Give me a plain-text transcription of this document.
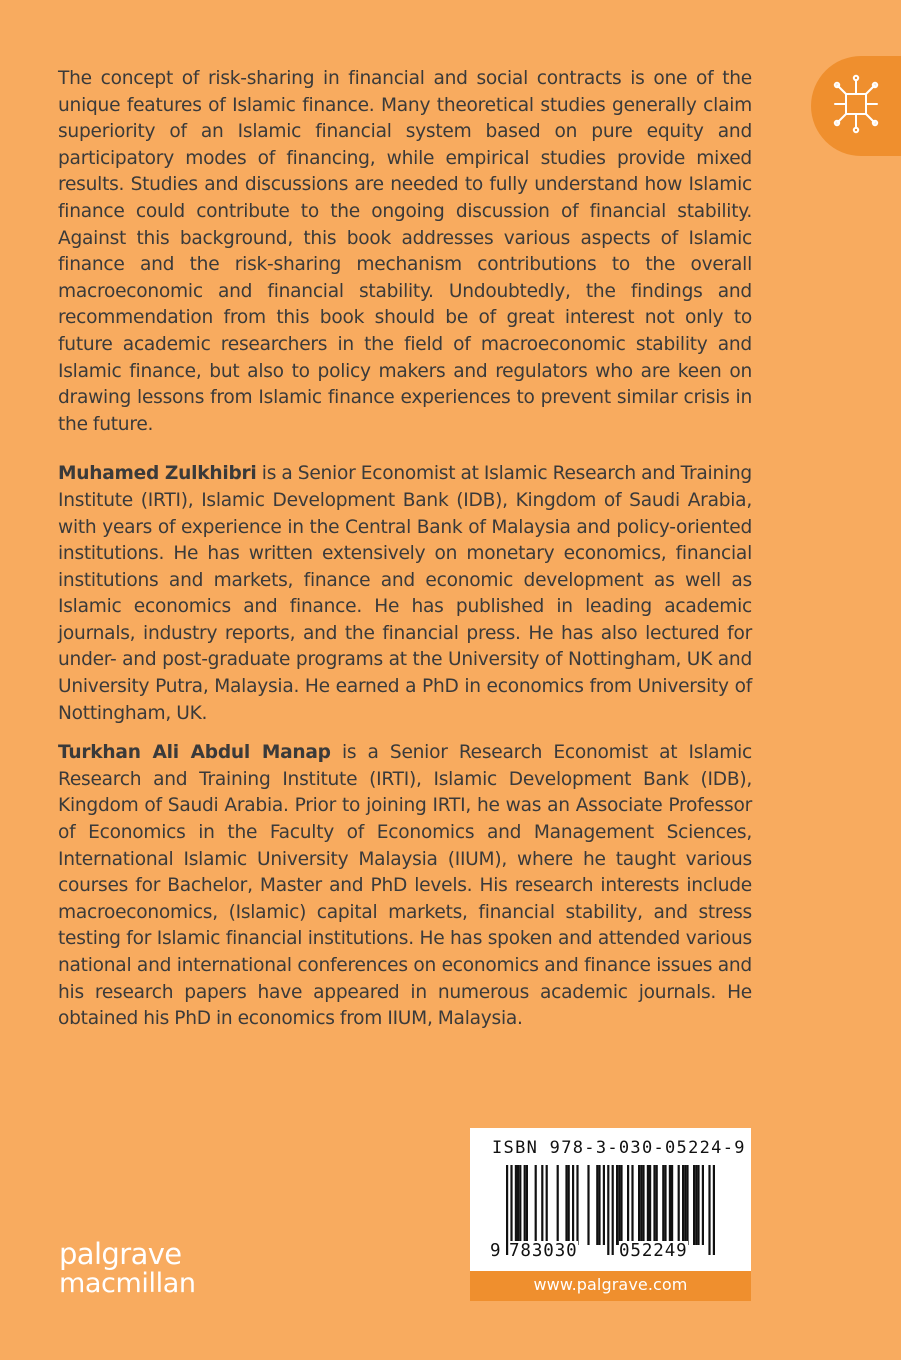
The concept of risk-sharing in financial and social contracts is one of the unique features of Islamic finance. Many theoretical studies generally claim superiority of an Islamic financial system based on pure equity and participatory modes of financing, while empirical studies provide mixed results. Studies and discussions are needed to fully understand how Islamic finance could contribute to the ongoing discussion of financial stability. Against this background, this book addresses various aspects of Islamic finance and the risk-sharing mechanism contributions to the overall macroeconomic and financial stability. Undoubtedly, the findings and recommendation from this book should be of great interest not only to future academic researchers in the field of macroeconomic stability and Islamic finance, but also to policy makers and regulators who are keen on drawing lessons from Islamic finance experiences to prevent similar crisis in the future.

Muhamed Zulkhibri is a Senior Economist at Islamic Research and Training Institute (IRTI), Islamic Development Bank (IDB), Kingdom of Saudi Arabia, with years of experience in the Central Bank of Malaysia and policy-oriented institutions. He has written extensively on monetary economics, financial institutions and markets, finance and economic development as well as Islamic economics and finance. He has published in leading academic journals, industry reports, and the financial press. He has also lectured for under- and post-graduate programs at the University of Nottingham, UK and University Putra, Malaysia. He earned a PhD in economics from University of Nottingham, UK.

Turkhan Ali Abdul Manap is a Senior Research Economist at Islamic Research and Training Institute (IRTI), Islamic Development Bank (IDB), Kingdom of Saudi Arabia. Prior to joining IRTI, he was an Associate Professor of Economics in the Faculty of Economics and Management Sciences, International Islamic University Malaysia (IIUM), where he taught various courses for Bachelor, Master and PhD levels. His research interests include macroeconomics, (Islamic) capital markets, financial stability, and stress testing for Islamic financial institutions. He has spoken and attended various national and international conferences on economics and finance issues and his research papers have appeared in numerous academic journals. He obtained his PhD in economics from IIUM, Malaysia.

ISBN 978-3-030-05224-9
9 783030 052249
www.palgrave.com
palgrave
macmillan
